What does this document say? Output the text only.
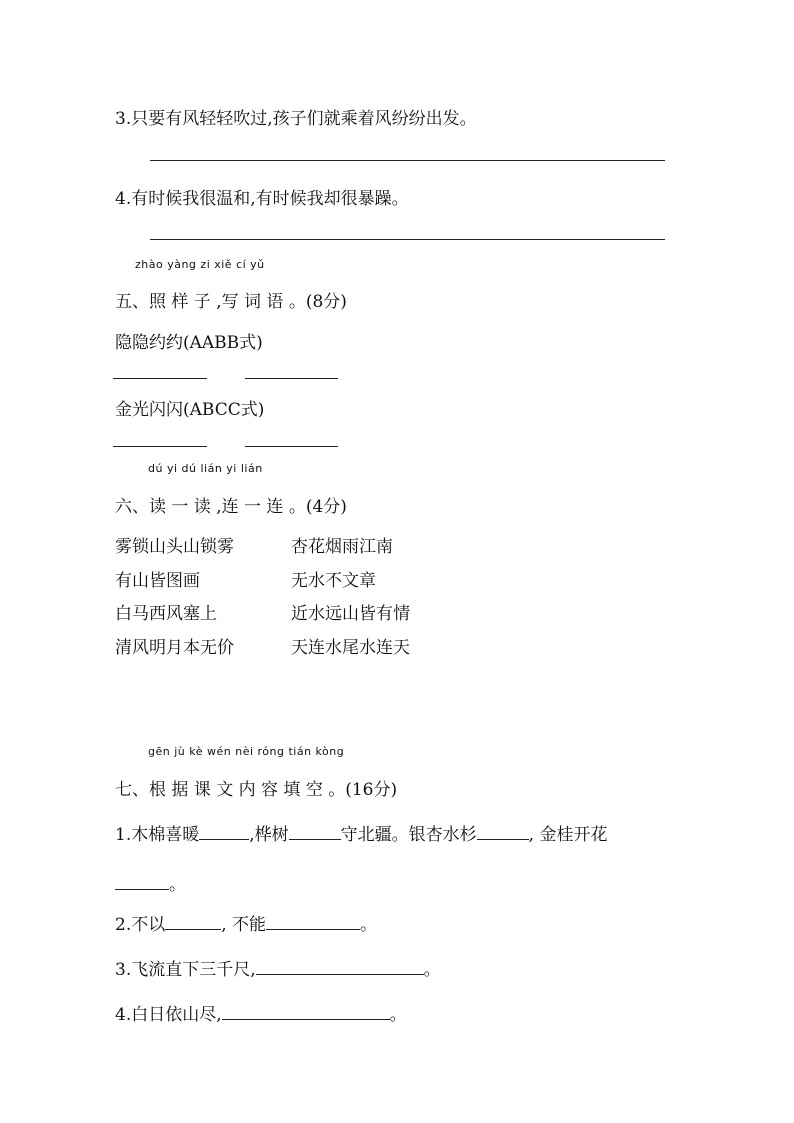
3.只要有风轻轻吹过,孩子们就乘着风纷纷出发。
4.有时候我很温和,有时候我却很暴躁。
zhào yàng zi xiě cí yǔ
五、照 样 子 ,写 词 语 。(8分)
隐隐约约(AABB式)
金光闪闪(ABCC式)
dú yi dú lián yi lián
六、读 一 读 ,连 一 连 。(4分)
雾锁山头山锁雾	杏花烟雨江南
有山皆图画	无水不文章
白马西风塞上	近水远山皆有情
清风明月本无价	天连水尾水连天
gēn jù kè wén nèi róng tián kòng
七、根 据 课 文 内 容 填 空 。(16分)
1.木棉喜暖	,桦树	守北疆。银杏水杉	, 金桂开花
。
2.不以	, 不能	。
3.飞流直下三千尺,	。
4.白日依山尽,	。
